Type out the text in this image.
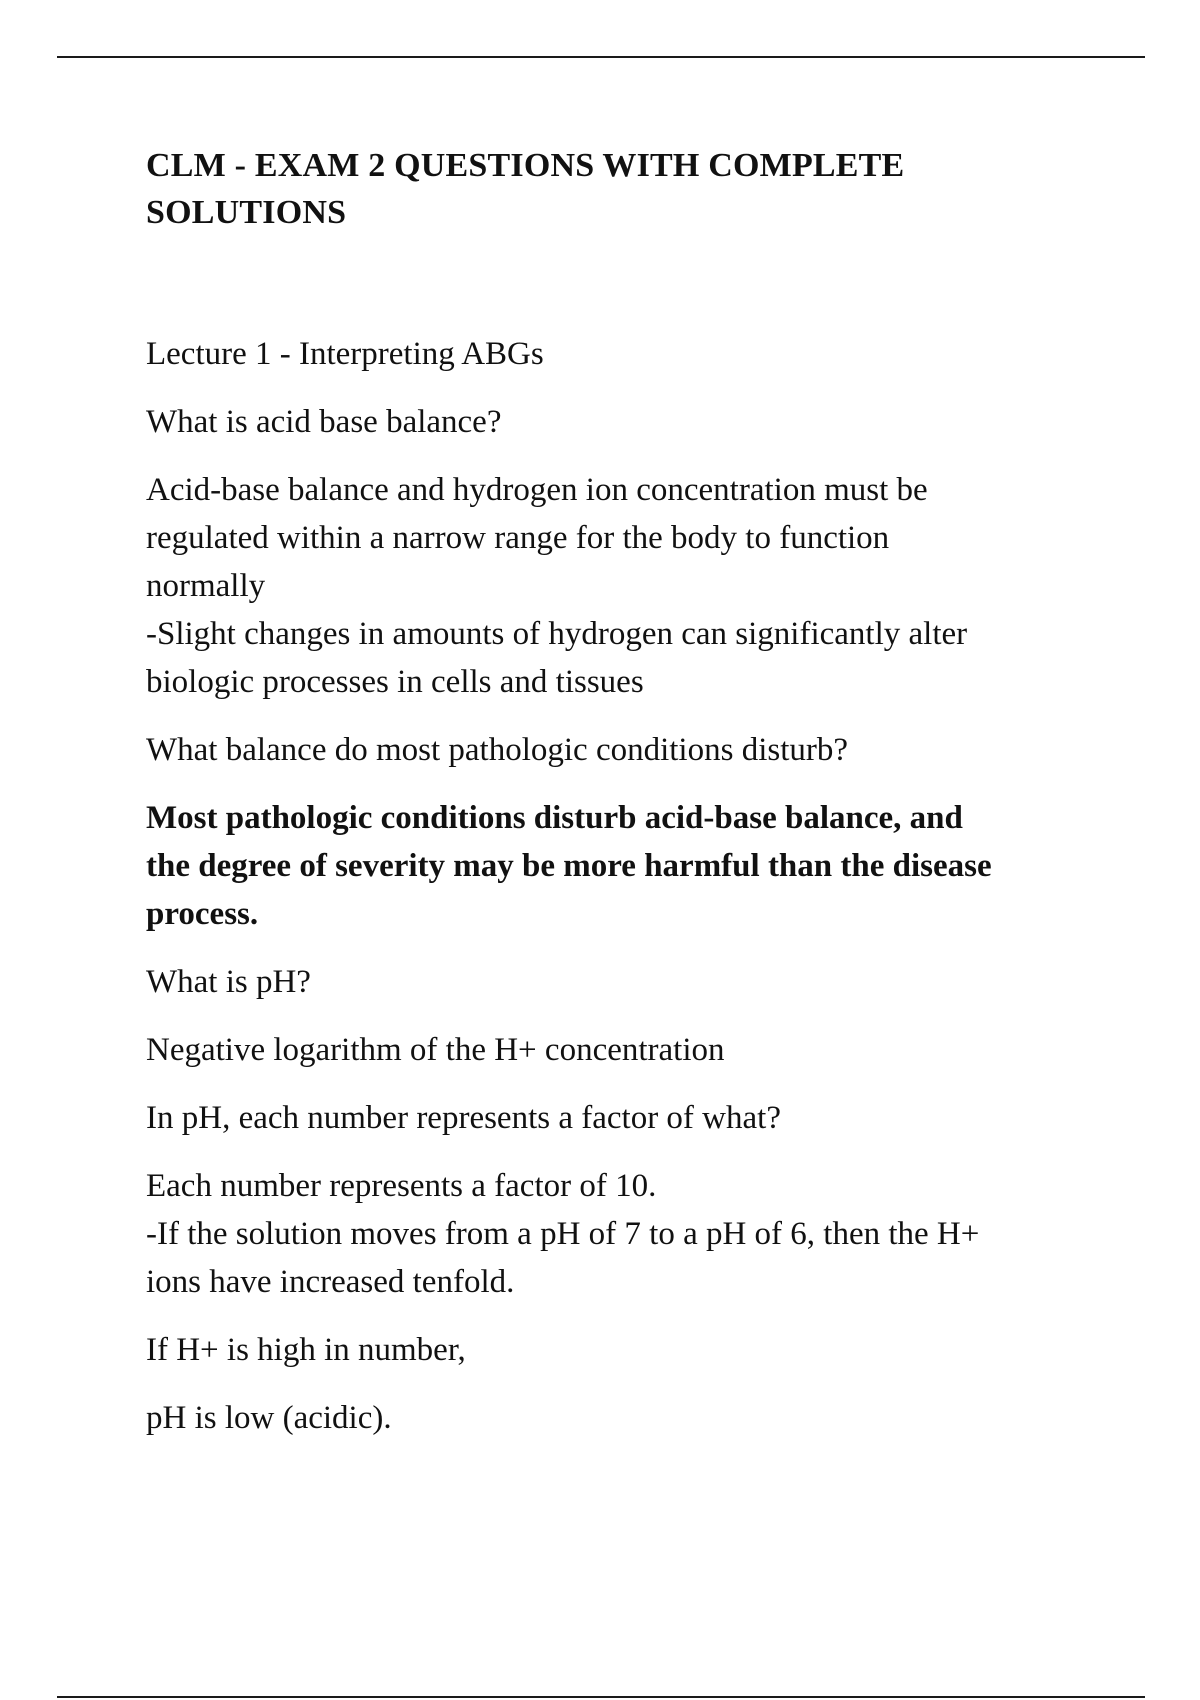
CLM - EXAM 2 QUESTIONS WITH COMPLETE
SOLUTIONS

Lecture 1 - Interpreting ABGs

What is acid base balance?

Acid-base balance and hydrogen ion concentration must be
regulated within a narrow range for the body to function
normally
-Slight changes in amounts of hydrogen can significantly alter
biologic processes in cells and tissues

What balance do most pathologic conditions disturb?

Most pathologic conditions disturb acid-base balance, and
the degree of severity may be more harmful than the disease
process.

What is pH?

Negative logarithm of the H+ concentration

In pH, each number represents a factor of what?

Each number represents a factor of 10.
-If the solution moves from a pH of 7 to a pH of 6, then the H+
ions have increased tenfold.

If H+ is high in number,

pH is low (acidic).
